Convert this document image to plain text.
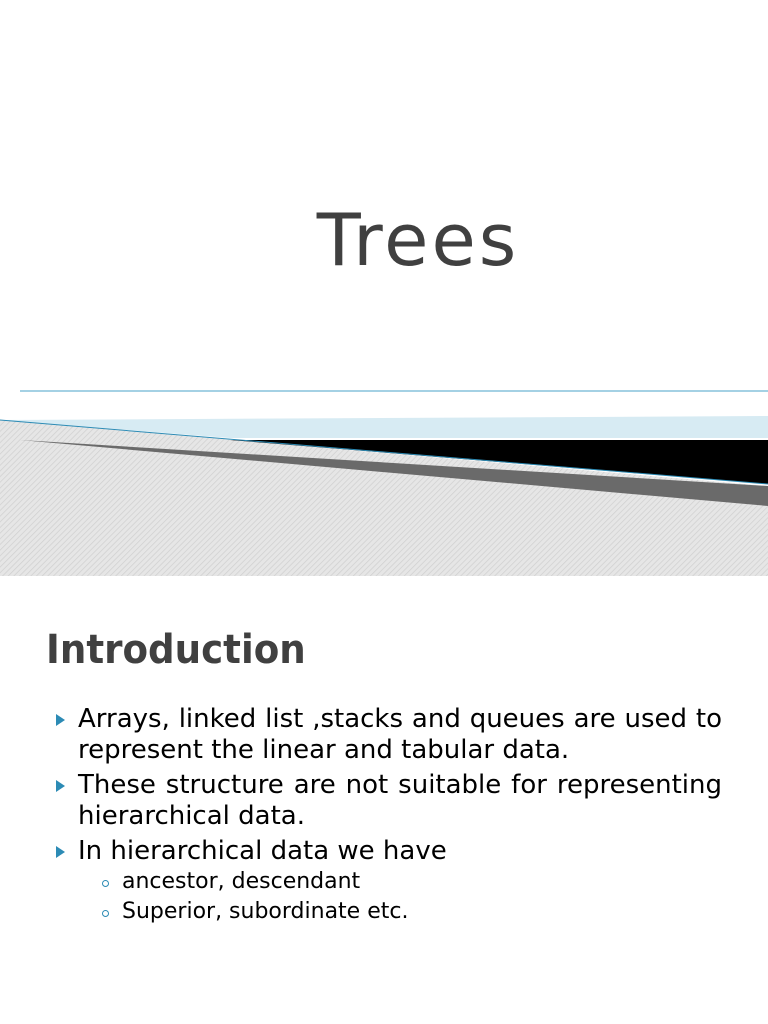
Trees
Introduction
Arrays, linked list ,stacks and queues are used to represent the linear and tabular data.
These structure are not suitable for representing hierarchical data.
In hierarchical data we have
ancestor, descendant
Superior, subordinate etc.
